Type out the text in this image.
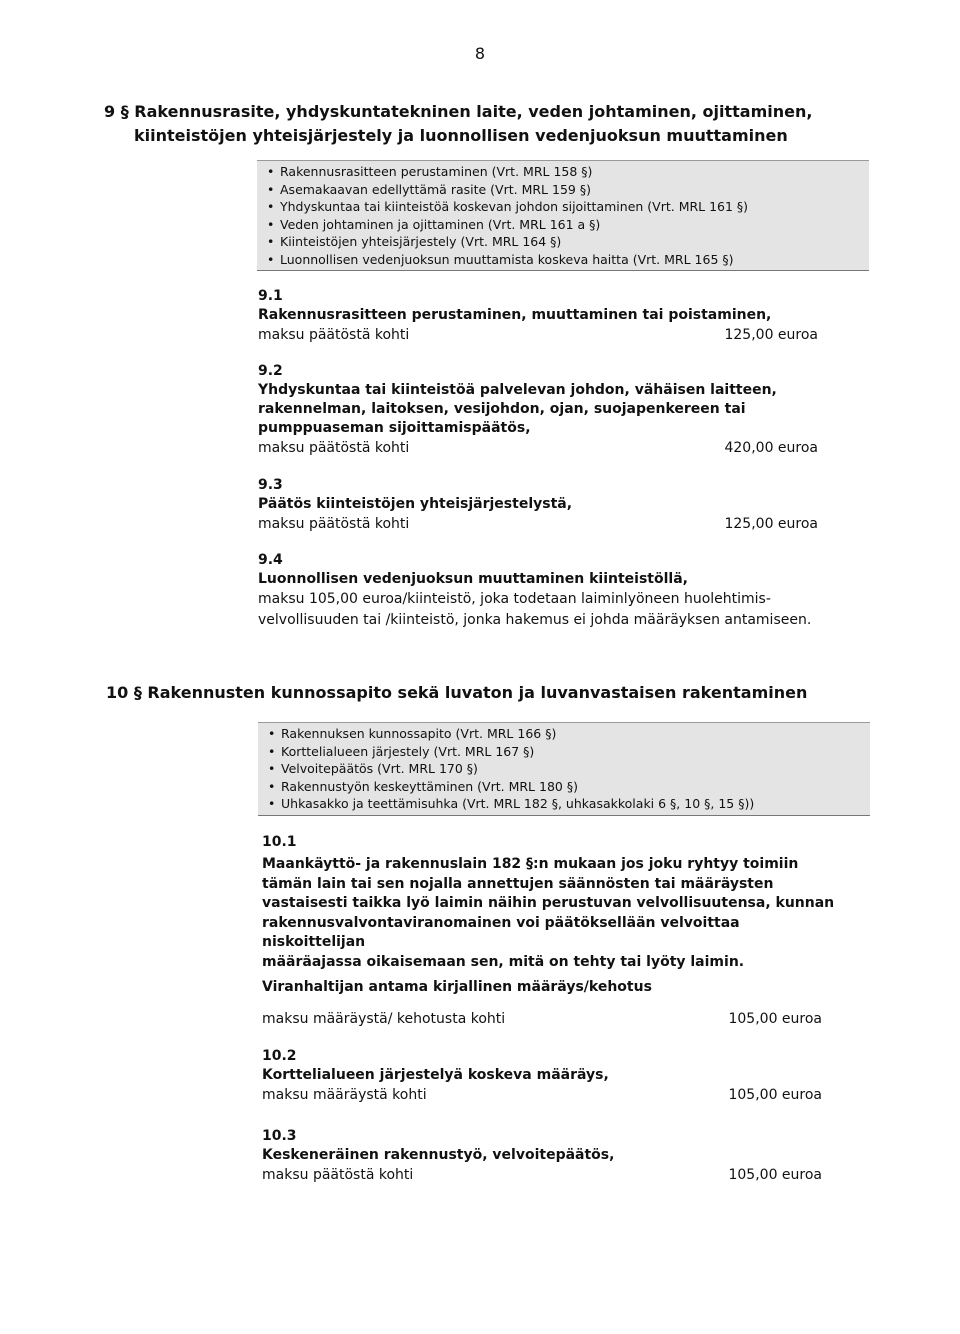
8
9 § Rakennusrasite, yhdyskuntatekninen laite, veden johtaminen, ojittaminen,
kiinteistöjen yhteisjärjestely ja luonnollisen vedenjuoksun muuttaminen
• Rakennusrasitteen perustaminen (Vrt. MRL 158 §)
• Asemakaavan edellyttämä rasite (Vrt. MRL 159 §)
• Yhdyskuntaa tai kiinteistöä koskevan johdon sijoittaminen (Vrt. MRL 161 §)
• Veden johtaminen ja ojittaminen (Vrt. MRL 161 a §)
• Kiinteistöjen yhteisjärjestely (Vrt. MRL 164 §)
• Luonnollisen vedenjuoksun muuttamista koskeva haitta (Vrt. MRL 165 §)
9.1
Rakennusrasitteen perustaminen, muuttaminen tai poistaminen,
maksu päätöstä kohti	125,00 euroa
9.2
Yhdyskuntaa tai kiinteistöä palvelevan johdon, vähäisen laitteen,
rakennelman, laitoksen, vesijohdon, ojan, suojapenkereen tai
pumppuaseman sijoittamispäätös,
maksu päätöstä kohti	420,00 euroa
9.3
Päätös kiinteistöjen yhteisjärjestelystä,
maksu päätöstä kohti	125,00 euroa
9.4
Luonnollisen vedenjuoksun muuttaminen kiinteistöllä,
maksu 105,00 euroa/kiinteistö, joka todetaan laiminlyöneen huolehtimis-
velvollisuuden tai /kiinteistö, jonka hakemus ei johda määräyksen antamiseen.
10 § Rakennusten kunnossapito sekä luvaton ja luvanvastaisen rakentaminen
• Rakennuksen kunnossapito (Vrt. MRL 166 §)
• Korttelialueen järjestely (Vrt. MRL 167 §)
• Velvoitepäätös (Vrt. MRL 170 §)
• Rakennustyön keskeyttäminen (Vrt. MRL 180 §)
• Uhkasakko ja teettämisuhka (Vrt. MRL 182 §, uhkasakkolaki 6 §, 10 §, 15 §))
10.1
Maankäyttö- ja rakennuslain 182 §:n mukaan jos joku ryhtyy toimiin
tämän lain tai sen nojalla annettujen säännösten tai määräysten
vastaisesti taikka lyö laimin näihin perustuvan velvollisuutensa, kunnan
rakennusvalvontaviranomainen voi päätöksellään velvoittaa niskoittelijan
määräajassa oikaisemaan sen, mitä on tehty tai lyöty laimin.
Viranhaltijan antama kirjallinen määräys/kehotus
maksu määräystä/ kehotusta kohti	105,00 euroa
10.2
Korttelialueen järjestelyä koskeva määräys,
maksu määräystä kohti	105,00 euroa
10.3
Keskeneräinen rakennustyö, velvoitepäätös,
maksu päätöstä kohti	105,00 euroa
